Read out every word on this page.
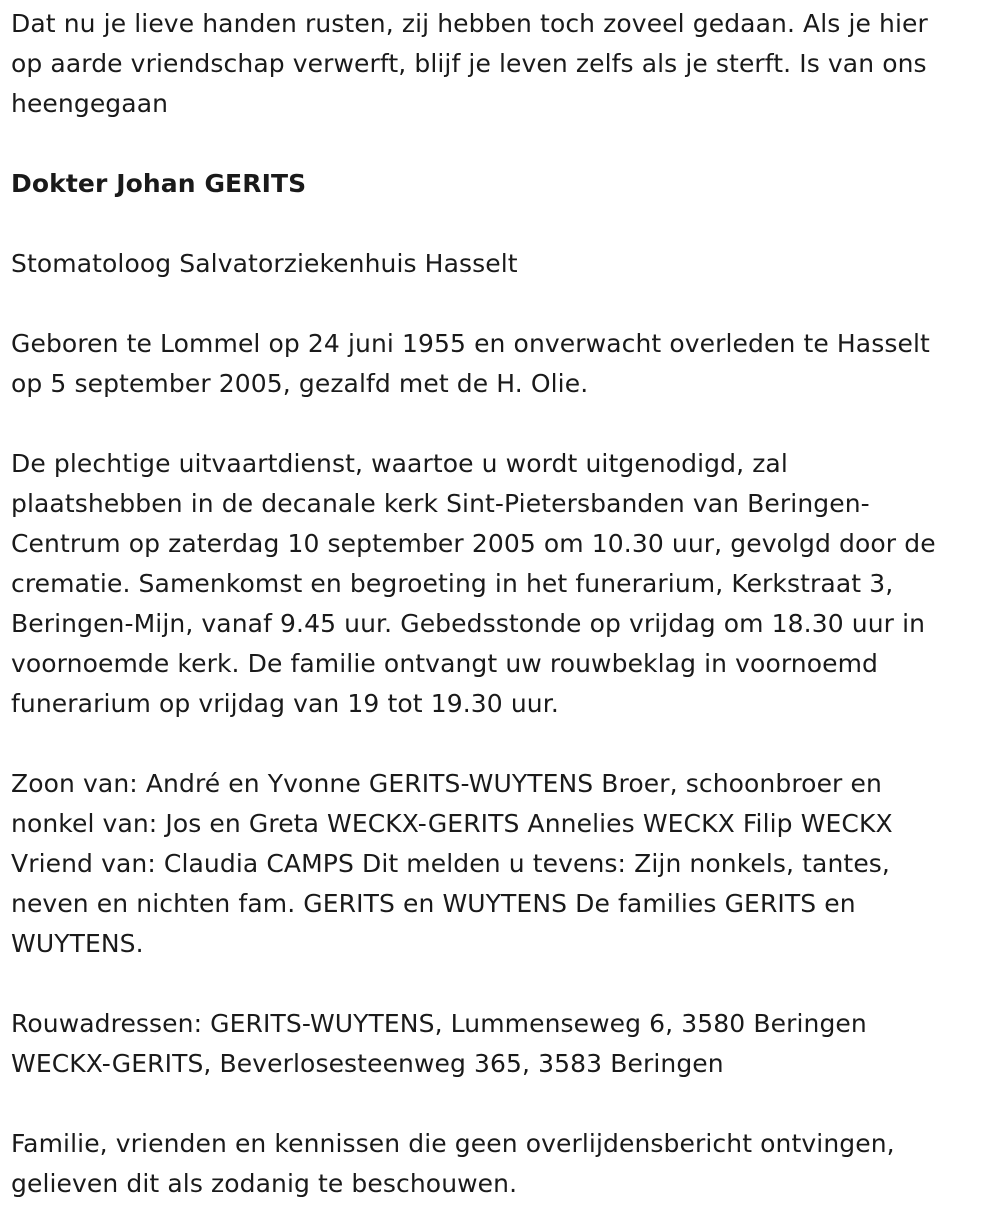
Dat nu je lieve handen rusten, zij hebben toch zoveel gedaan. Als je hier
op aarde vriendschap verwerft, blijf je leven zelfs als je sterft. Is van ons
heengegaan

Dokter Johan GERITS

Stomatoloog Salvatorziekenhuis Hasselt

Geboren te Lommel op 24 juni 1955 en onverwacht overleden te Hasselt
op 5 september 2005, gezalfd met de H. Olie.

De plechtige uitvaartdienst, waartoe u wordt uitgenodigd, zal
plaatshebben in de decanale kerk Sint-Pietersbanden van Beringen-
Centrum op zaterdag 10 september 2005 om 10.30 uur, gevolgd door de
crematie. Samenkomst en begroeting in het funerarium, Kerkstraat 3,
Beringen-Mijn, vanaf 9.45 uur. Gebedsstonde op vrijdag om 18.30 uur in
voornoemde kerk. De familie ontvangt uw rouwbeklag in voornoemd
funerarium op vrijdag van 19 tot 19.30 uur.

Zoon van: André en Yvonne GERITS-WUYTENS Broer, schoonbroer en
nonkel van: Jos en Greta WECKX-GERITS Annelies WECKX Filip WECKX
Vriend van: Claudia CAMPS Dit melden u tevens: Zijn nonkels, tantes,
neven en nichten fam. GERITS en WUYTENS De families GERITS en
WUYTENS.

Rouwadressen: GERITS-WUYTENS, Lummenseweg 6, 3580 Beringen
WECKX-GERITS, Beverlosesteenweg 365, 3583 Beringen

Familie, vrienden en kennissen die geen overlijdensbericht ontvingen,
gelieven dit als zodanig te beschouwen.
